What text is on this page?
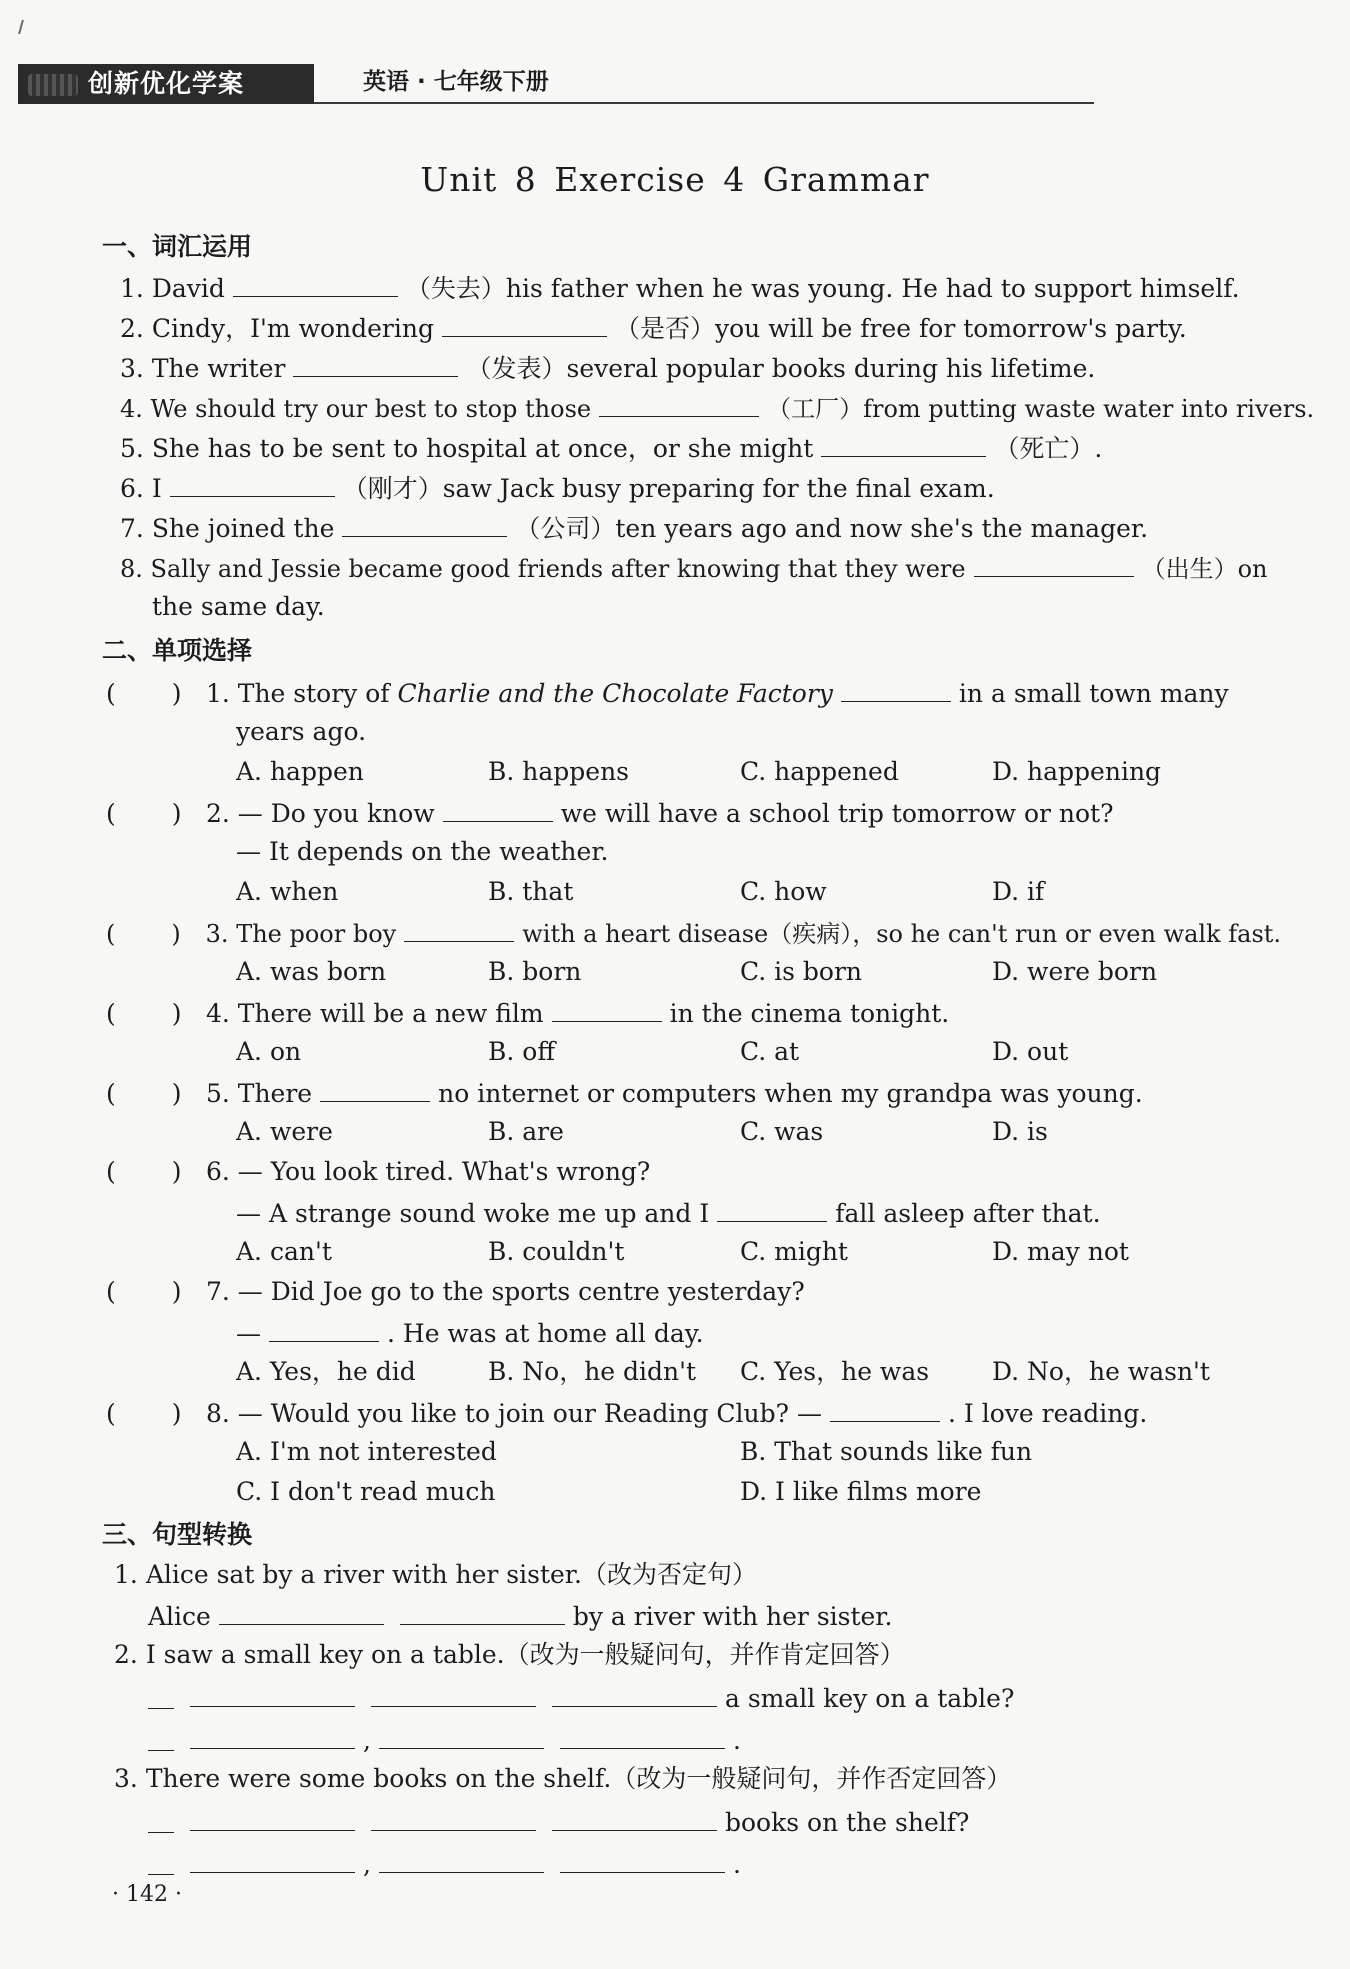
创新优化学案	英语 · 七年级下册
Unit 8 Exercise 4 Grammar
一、词汇运用
1. David	（失去）his father when he was young. He had to support himself.
2. Cindy，I'm wondering	（是否）you will be free for tomorrow's party.
3. The writer	（发表）several popular books during his lifetime.
4. We should try our best to stop those	（工厂）from putting waste water into rivers.
5. She has to be sent to hospital at once，or she might	（死亡）.
6. I	（刚才）saw Jack busy preparing for the final exam.
7. She joined the	（公司）ten years ago and now she's the manager.
8. Sally and Jessie became good friends after knowing that they were	（出生）on
the same day.
二、单项选择
( ) 1. The story of Charlie and the Chocolate Factory	in a small town many
years ago.
A. happen	B. happens	C. happened	D. happening
( ) 2. — Do you know	we will have a school trip tomorrow or not?
— It depends on the weather.
A. when	B. that	C. how	D. if
( ) 3. The poor boy	with a heart disease（疾病），so he can't run or even walk fast.
A. was born	B. born	C. is born	D. were born
( ) 4. There will be a new film	in the cinema tonight.
A. on	B. off	C. at	D. out
( ) 5. There	no internet or computers when my grandpa was young.
A. were	B. are	C. was	D. is
( ) 6. — You look tired. What's wrong?
— A strange sound woke me up and I	fall asleep after that.
A. can't	B. couldn't	C. might	D. may not
( ) 7. — Did Joe go to the sports centre yesterday?
—	. He was at home all day.
A. Yes，he did	B. No，he didn't C. Yes，he was	D. No，he wasn't
( ) 8. — Would you like to join our Reading Club? —	. I love reading.
A. I'm not interested	B. That sounds like fun
C. I don't read much	D. I like films more
三、句型转换
1. Alice sat by a river with her sister.（改为否定句）
Alice	by a river with her sister.
2. I saw a small key on a table.（改为一般疑问句，并作肯定回答）
a small key on a table?
,	.
3. There were some books on the shelf.（改为一般疑问句，并作否定回答）
books on the shelf?
,	.
· 142 ·
